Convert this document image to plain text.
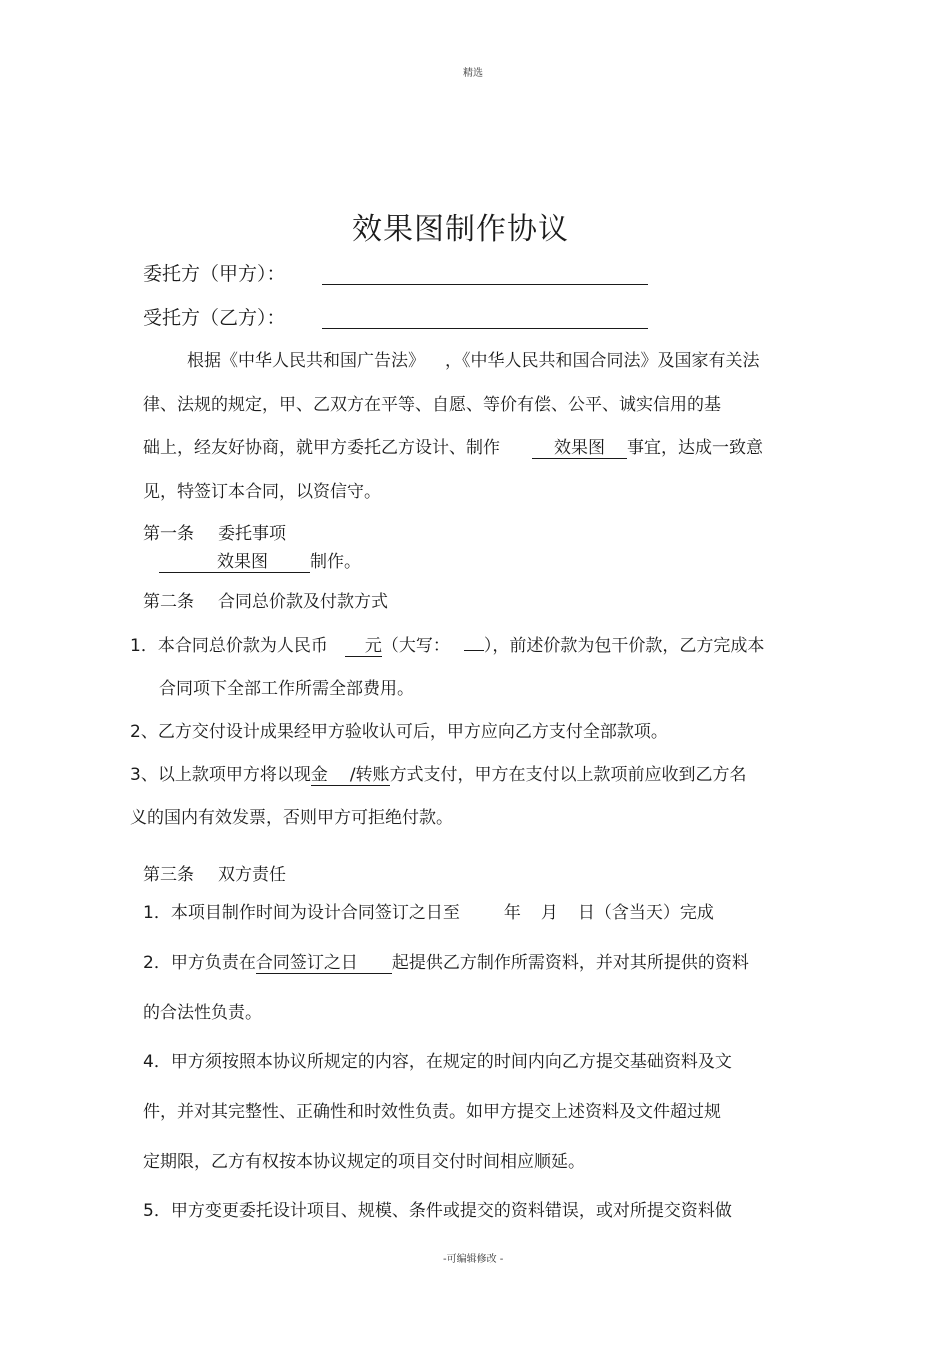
精选
效果图制作协议
委托方（甲方）：
受托方（乙方）：
根据《中华人民共和国广告法》 ，《中华人民共和国合同法》及国家有关法
律、法规的规定，甲、乙双方在平等、自愿、等价有偿、公平、诚实信用的基
础上，经友好协商，就甲方委托乙方设计、制作	效果图 事宜，达成一致意
见，特签订本合同，以资信守。
第一条 委托事项
效果图 制作。
第二条 合同总价款及付款方式
1．本合同总价款为人民币 元（大写： ），前述价款为包干价款，乙方完成本
合同项下全部工作所需全部费用。
2、乙方交付设计成果经甲方验收认可后，甲方应向乙方支付全部款项。
3、以上款项甲方将以现金 /转账方式支付，甲方在支付以上款项前应收到乙方名
义的国内有效发票，否则甲方可拒绝付款。
第三条 双方责任
1．本项目制作时间为设计合同签订之日至	年 月 日（含当天）完成
2．甲方负责在合同签订之日 起提供乙方制作所需资料，并对其所提供的资料
的合法性负责。
4．甲方须按照本协议所规定的内容，在规定的时间内向乙方提交基础资料及文
件，并对其完整性、正确性和时效性负责。如甲方提交上述资料及文件超过规
定期限，乙方有权按本协议规定的项目交付时间相应顺延。
5．甲方变更委托设计项目、规模、条件或提交的资料错误，或对所提交资料做
-可编辑修改 -
